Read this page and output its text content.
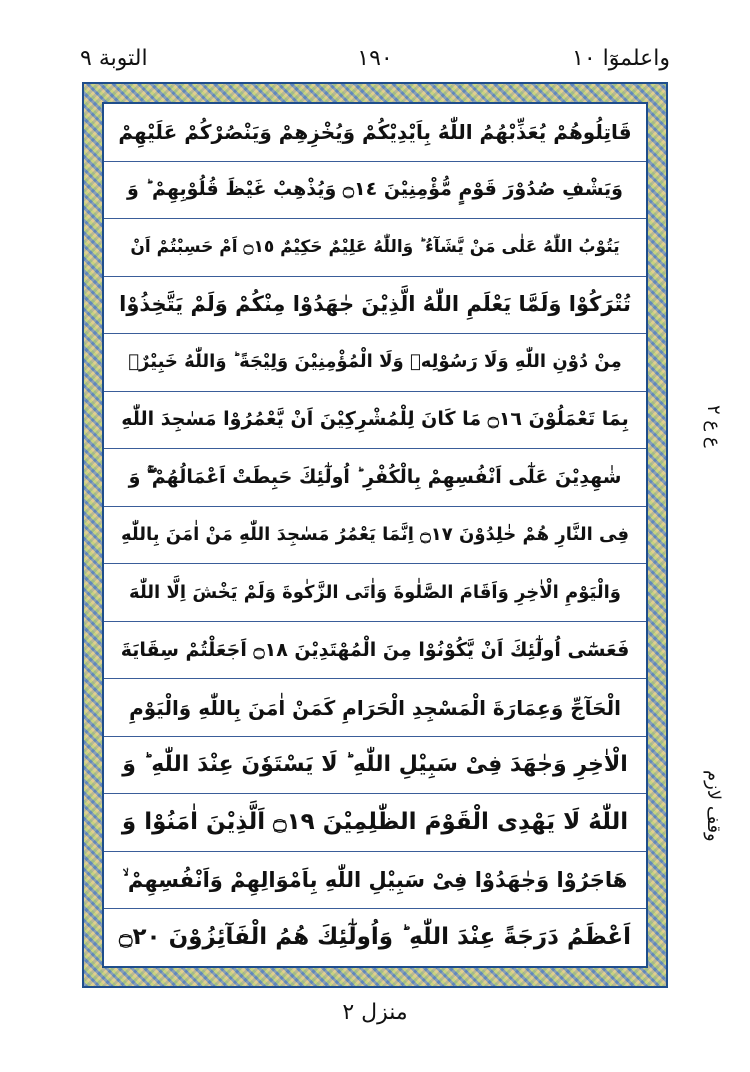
التوبة ٩	١٩٠	واعلموٓا ١٠
قَاتِلُوهُمْ يُعَذِّبْهُمُ اللّٰهُ بِاَيْدِيْكُمْ وَيُخْزِهِمْ وَيَنْصُرْكُمْ عَلَيْهِمْ
وَيَشْفِ صُدُوْرَ قَوْمٍ مُّؤْمِنِيْنَ ۝١٤ وَيُذْهِبْ غَيْظَ قُلُوْبِهِمْ ؕ وَ
يَتُوْبُ اللّٰهُ عَلٰى مَنْ يَّشَآءُ ؕ وَاللّٰهُ عَلِيْمٌ حَكِيْمٌ ۝١٥ اَمْ حَسِبْتُمْ اَنْ
تُتْرَكُوْا وَلَمَّا يَعْلَمِ اللّٰهُ الَّذِيْنَ جٰهَدُوْا مِنْكُمْ وَلَمْ يَتَّخِذُوْا
مِنْ دُوْنِ اللّٰهِ وَلَا رَسُوْلِهٖ وَلَا الْمُؤْمِنِيْنَ وَلِيْجَةً ؕ وَاللّٰهُ خَبِيْرٌۢ
بِمَا تَعْمَلُوْنَ ۝١٦ مَا كَانَ لِلْمُشْرِكِيْنَ اَنْ يَّعْمُرُوْا مَسٰجِدَ اللّٰهِ
شٰهِدِيْنَ عَلٰٓى اَنْفُسِهِمْ بِالْكُفْرِ ؕ اُولٰٓئِكَ حَبِطَتْ اَعْمَالُهُمْ ۚۖ وَ
فِى النَّارِ هُمْ خٰلِدُوْنَ ۝١٧ اِنَّمَا يَعْمُرُ مَسٰجِدَ اللّٰهِ مَنْ اٰمَنَ بِاللّٰهِ
وَالْيَوْمِ الْاٰخِرِ وَاَقَامَ الصَّلٰوةَ وَاٰتَى الزَّكٰوةَ وَلَمْ يَخْشَ اِلَّا اللّٰهَ
فَعَسٰٓى اُولٰٓئِكَ اَنْ يَّكُوْنُوْا مِنَ الْمُهْتَدِيْنَ ۝١٨ اَجَعَلْتُمْ سِقَايَةَ
الْحَآجِّ وَعِمَارَةَ الْمَسْجِدِ الْحَرَامِ كَمَنْ اٰمَنَ بِاللّٰهِ وَالْيَوْمِ
الْاٰخِرِ وَجٰهَدَ فِىْ سَبِيْلِ اللّٰهِ ؕ لَا يَسْتَوٗنَ عِنْدَ اللّٰهِ ؕ وَ
اللّٰهُ لَا يَهْدِى الْقَوْمَ الظّٰلِمِيْنَ ۝١٩ اَلَّذِيْنَ اٰمَنُوْا وَ
هَاجَرُوْا وَجٰهَدُوْا فِىْ سَبِيْلِ اللّٰهِ بِاَمْوَالِهِمْ وَاَنْفُسِهِمْ ۙ
اَعْظَمُ دَرَجَةً عِنْدَ اللّٰهِ ؕ وَاُولٰٓئِكَ هُمُ الْفَآئِزُوْنَ ۝٢٠
ع ع ٢
وقف لازم
منزل ٢
